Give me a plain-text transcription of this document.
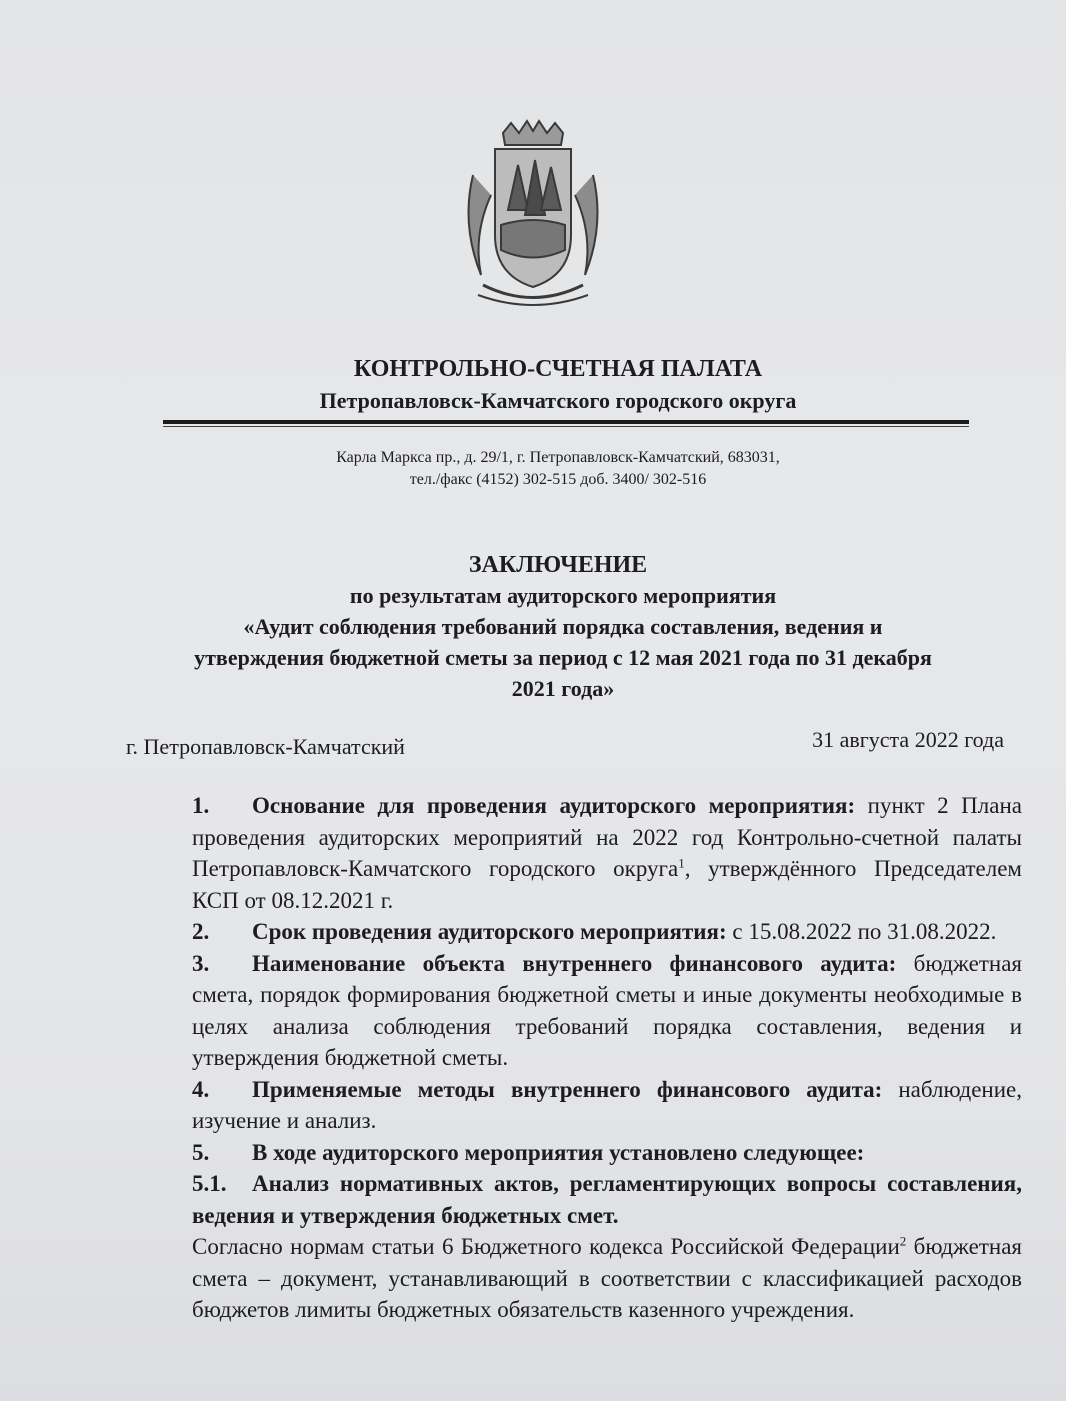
КОНТРОЛЬНО-СЧЕТНАЯ ПАЛАТА
Петропавловск-Камчатского городского округа
Карла Маркса пр., д. 29/1, г. Петропавловск-Камчатский, 683031,
тел./факс (4152) 302-515 доб. 3400/ 302-516
ЗАКЛЮЧЕНИЕ
по результатам аудиторского мероприятия
«Аудит соблюдения требований порядка составления, ведения и
утверждения бюджетной сметы за период с 12 мая 2021 года по 31 декабря
2021 года»
г. Петропавловск-Камчатский	31 августа 2022 года

1. Основание для проведения аудиторского мероприятия: пункт 2 Плана проведения аудиторских мероприятий на 2022 год Контрольно-счетной палаты Петропавловск-Камчатского городского округа$^1$, утверждённого Председателем КСП от 08.12.2021 г.

2. Срок проведения аудиторского мероприятия: с 15.08.2022 по 31.08.2022.

3. Наименование объекта внутреннего финансового аудита: бюджетная смета, порядок формирования бюджетной сметы и иные документы необходимые в целях анализа соблюдения требований порядка составления, ведения и утверждения бюджетной сметы.

4. Применяемые методы внутреннего финансового аудита: наблюдение, изучение и анализ.

5. В ходе аудиторского мероприятия установлено следующее:

5.1. Анализ нормативных актов, регламентирующих вопросы составления, ведения и утверждения бюджетных смет.

Согласно нормам статьи 6 Бюджетного кодекса Российской Федерации$^2$ бюджетная смета – документ, устанавливающий в соответствии с классификацией расходов бюджетов лимиты бюджетных обязательств казенного учреждения.
